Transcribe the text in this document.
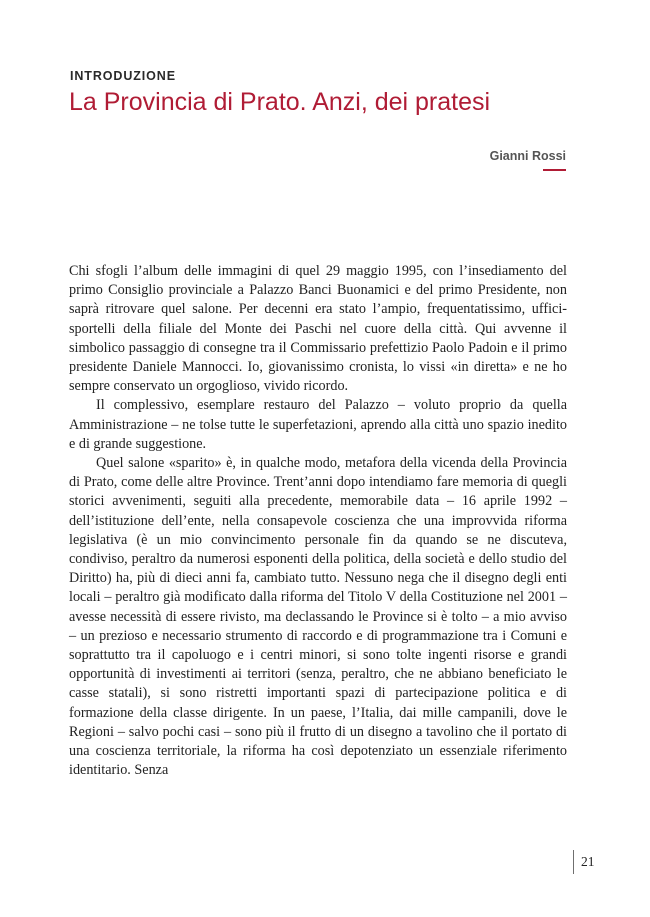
INTRODUZIONE
La Provincia di Prato. Anzi, dei pratesi
Gianni Rossi

Chi sfogli l’album delle immagini di quel 29 maggio 1995, con l’insediamento del primo Consiglio provinciale a Palazzo Banci Buonamici e del primo Presidente, non saprà ritrovare quel salone. Per decenni era stato l’ampio, frequentatissimo, uffici-sportelli della filiale del Monte dei Paschi nel cuore della città. Qui avvenne il simbolico passaggio di consegne tra il Commissario prefettizio Paolo Padoin e il primo presidente Daniele Mannocci. Io, giovanissimo cronista, lo vissi «in diretta» e ne ho sempre conservato un orgoglioso, vivido ricordo.

Il complessivo, esemplare restauro del Palazzo – voluto proprio da quella Amministrazione – ne tolse tutte le superfetazioni, aprendo alla città uno spazio inedito e di grande suggestione.

Quel salone «sparito» è, in qualche modo, metafora della vicenda della Provincia di Prato, come delle altre Province. Trent’anni dopo intendiamo fare memoria di quegli storici avvenimenti, seguiti alla precedente, memorabile data – 16 aprile 1992 – dell’istituzione dell’ente, nella consapevole coscienza che una improvvida riforma legislativa (è un mio convincimento personale fin da quando se ne discuteva, condiviso, peraltro da numerosi esponenti della politica, della società e dello studio del Diritto) ha, più di dieci anni fa, cambiato tutto. Nessuno nega che il disegno degli enti locali – peraltro già modificato dalla riforma del Titolo V della Costituzione nel 2001 – avesse necessità di essere rivisto, ma declassando le Province si è tolto – a mio avviso – un prezioso e necessario strumento di raccordo e di programmazione tra i Comuni e soprattutto tra il capoluogo e i centri minori, si sono tolte ingenti risorse e grandi opportunità di investimenti ai territori (senza, peraltro, che ne abbiano beneficiato le casse statali), si sono ristretti importanti spazi di partecipazione politica e di formazione della classe dirigente. In un paese, l’Italia, dai mille campanili, dove le Regioni – salvo pochi casi – sono più il frutto di un disegno a tavolino che il portato di una coscienza territoriale, la riforma ha così depotenziato un essenziale riferimento identitario. Senza

21
